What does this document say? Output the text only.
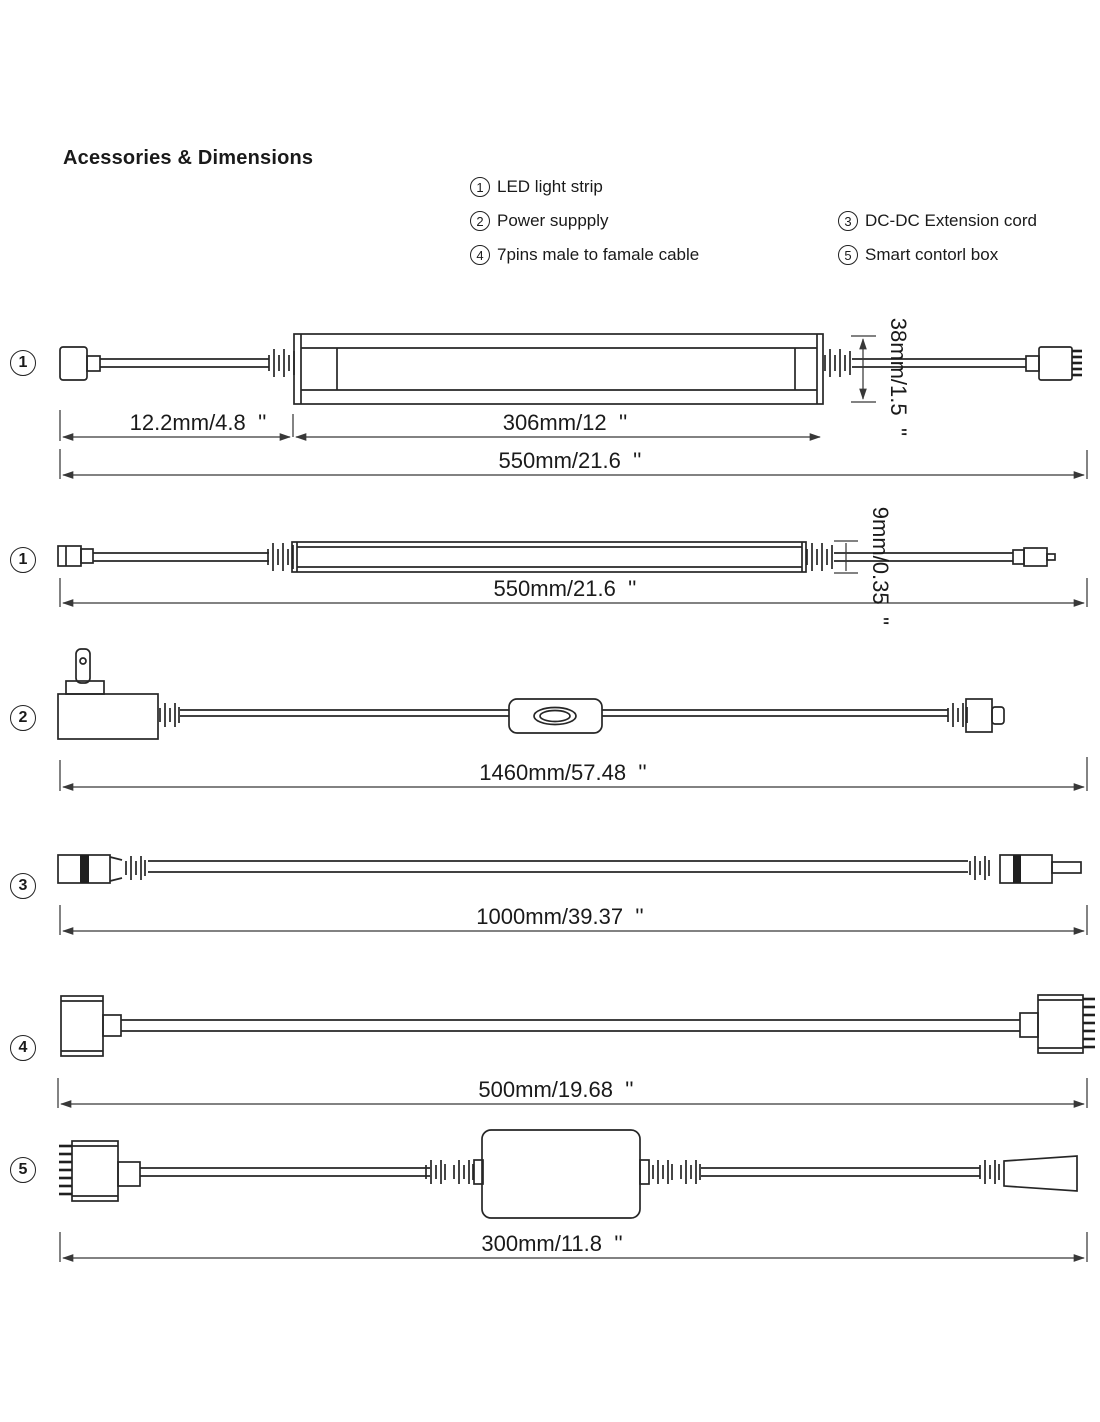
Acessories & Dimensions
1 LED light strip
2 Power suppply
4 7pins male to famale cable
3 DC-DC Extension cord
5 Smart contorl box
1
1
2
3
4
5
12.2mm/4.8  ''	306mm/12  ''
550mm/21.6  ''
38mm/1.5  ''
550mm/21.6  ''	9mm/0.35  ''
1460mm/57.48  ''
1000mm/39.37  ''
500mm/19.68  ''
300mm/11.8  ''
